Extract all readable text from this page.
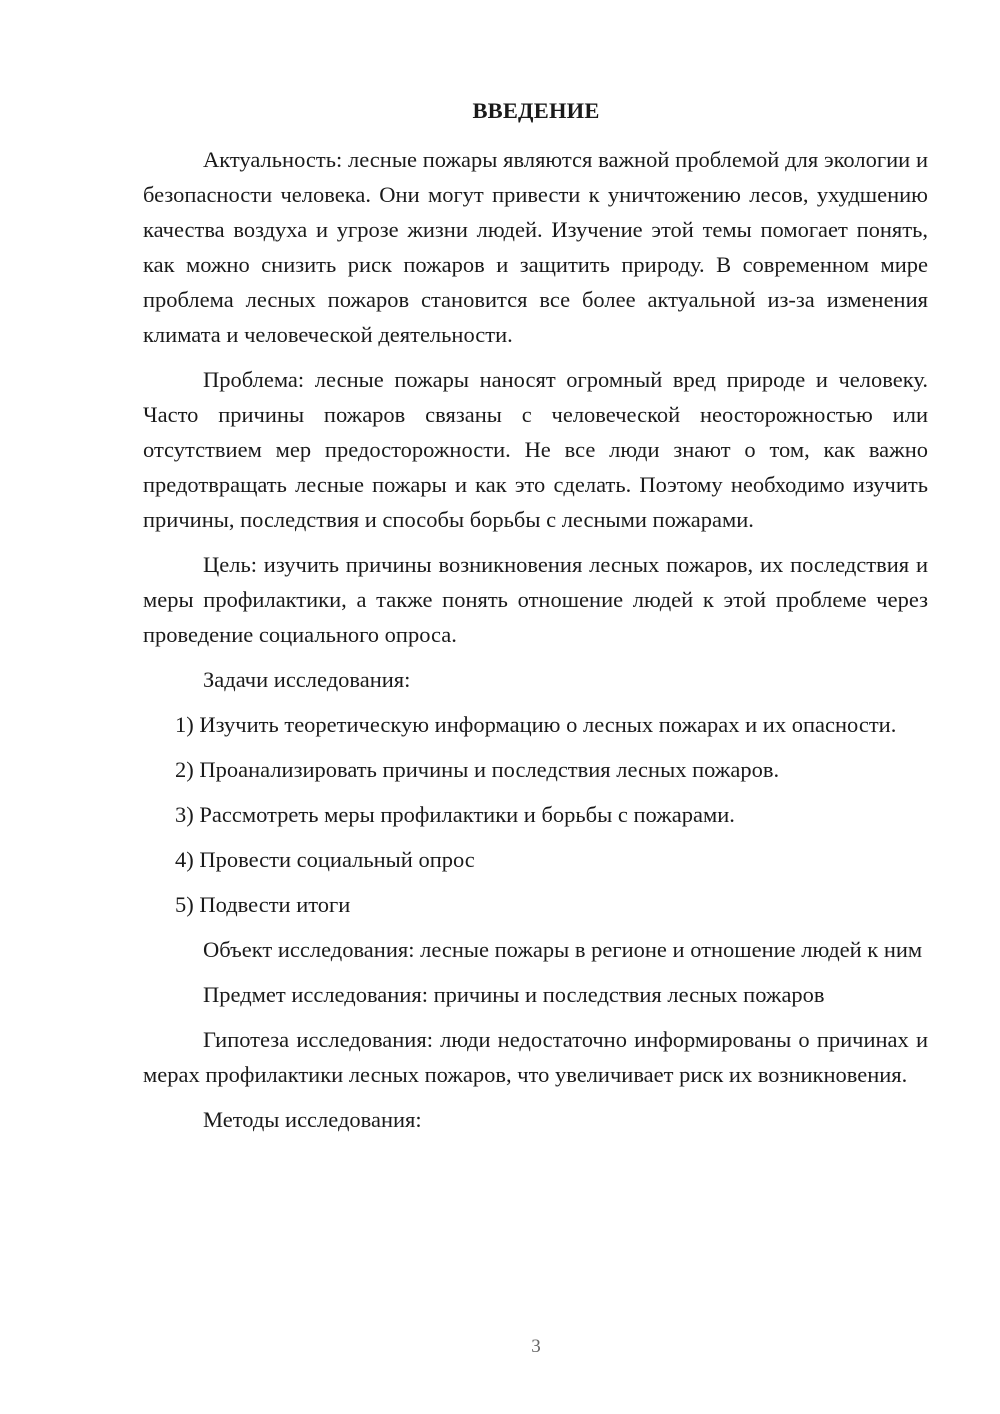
ВВЕДЕНИЕ

Актуальность: лесные пожары являются важной проблемой для экологии и безопасности человека. Они могут привести к уничтожению лесов, ухудшению качества воздуха и угрозе жизни людей. Изучение этой темы помогает понять, как можно снизить риск пожаров и защитить природу. В современном мире проблема лесных пожаров становится все более актуальной из-за изменения климата и человеческой деятельности.

Проблема: лесные пожары наносят огромный вред природе и человеку. Часто причины пожаров связаны с человеческой неосторожностью или отсутствием мер предосторожности. Не все люди знают о том, как важно предотвращать лесные пожары и как это сделать. Поэтому необходимо изучить причины, последствия и способы борьбы с лесными пожарами.

Цель: изучить причины возникновения лесных пожаров, их последствия и меры профилактики, а также понять отношение людей к этой проблеме через проведение социального опроса.

Задачи исследования:

1) Изучить теоретическую информацию о лесных пожарах и их опасности.

2) Проанализировать причины и последствия лесных пожаров.

3) Рассмотреть меры профилактики и борьбы с пожарами.

4) Провести социальный опрос

5) Подвести итоги

Объект исследования: лесные пожары в регионе и отношение людей к ним

Предмет исследования: причины и последствия лесных пожаров

Гипотеза исследования: люди недостаточно информированы о причинах и мерах профилактики лесных пожаров, что увеличивает риск их возникновения.

Методы исследования:

3
